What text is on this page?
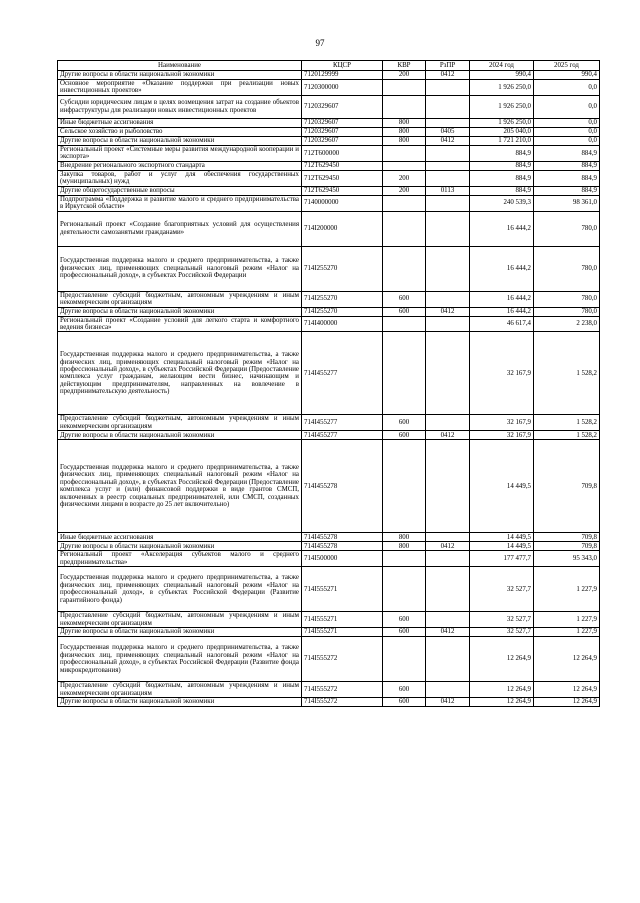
97
Наименование	КЦСР	КВР	РзПР	2024 год	2025 год
Другие вопросы в области национальной экономики	7120129999	200	0412	990,4	990,4
Основное мероприятие «Оказание поддержки при реализации новых инвестиционных проектов»	7120300000			1 926 250,0	0,0
Субсидии юридическим лицам в целях возмещения затрат на создание объектов инфраструктуры для реализации новых инвестиционных проектов	7120329607			1 926 250,0	0,0
Иные бюджетные ассигнования	7120329607	800		1 926 250,0	0,0
Сельское хозяйство и рыболовство	7120329607	800	0405	205 040,0	0,0
Другие вопросы в области национальной экономики	7120329607	800	0412	1 721 210,0	0,0
Региональный проект «Системные меры развития международной кооперации и экспорта»	712T600000			884,9	884,9
Внедрение регионального экспортного стандарта	712T629450			884,9	884,9
Закупка товаров, работ и услуг для обеспечения государственных (муниципальных) нужд	712T629450	200		884,9	884,9
Другие общегосударственные вопросы	712T629450	200	0113	884,9	884,9
Подпрограмма «Поддержка и развитие малого и среднего предпринимательства в Иркутской области»	7140000000			240 539,3	98 361,0
Региональный проект «Создание благоприятных условий для осуществления деятельности самозанятыми гражданами»	714I200000			16 444,2	780,0
Государственная поддержка малого и среднего предпринимательства, а также физических лиц, применяющих специальный налоговый режим «Налог на профессиональный доход», в субъектах Российской Федерации	714I255270			16 444,2	780,0
Предоставление субсидий бюджетным, автономным учреждениям и иным некоммерческим организациям	714I255270	600		16 444,2	780,0
Другие вопросы в области национальной экономики	714I255270	600	0412	16 444,2	780,0
Региональный проект «Создание условий для легкого старта и комфортного ведения бизнеса»	714I400000			46 617,4	2 238,0
Государственная поддержка малого и среднего предпринимательства, а также физических лиц, применяющих специальный налоговый режим «Налог на профессиональный доход», в субъектах Российской Федерации (Предоставление комплекса услуг гражданам, желающим вести бизнес, начинающим и действующим предпринимателям, направленных на вовлечение в предпринимательскую деятельность)	714I455277			32 167,9	1 528,2
Предоставление субсидий бюджетным, автономным учреждениям и иным некоммерческим организациям	714I455277	600		32 167,9	1 528,2
Другие вопросы в области национальной экономики	714I455277	600	0412	32 167,9	1 528,2
Государственная поддержка малого и среднего предпринимательства, а также физических лиц, применяющих специальный налоговый режим «Налог на профессиональный доход», в субъектах Российской Федерации (Предоставление комплекса услуг и (или) финансовой поддержки в виде грантов СМСП, включенных в реестр социальных предпринимателей, или СМСП, созданных физическими лицами в возрасте до 25 лет включительно)	714I455278			14 449,5	709,8
Иные бюджетные ассигнования	714I455278	800		14 449,5	709,8
Другие вопросы в области национальной экономики	714I455278	800	0412	14 449,5	709,8
Региональный проект «Акселерация субъектов малого и среднего предпринимательства»	714I500000			177 477,7	95 343,0
Государственная поддержка малого и среднего предпринимательства, а также физических лиц, применяющих специальный налоговый режим «Налог на профессиональный доход», в субъектах Российской Федерации (Развитие гарантийного фонда)	714I555271			32 527,7	1 227,9
Предоставление субсидий бюджетным, автономным учреждениям и иным некоммерческим организациям	714I555271	600		32 527,7	1 227,9
Другие вопросы в области национальной экономики	714I555271	600	0412	32 527,7	1 227,9
Государственная поддержка малого и среднего предпринимательства, а также физических лиц, применяющих специальный налоговый режим «Налог на профессиональный доход», в субъектах Российской Федерации (Развитие фонда микрокредитования)	714I555272			12 264,9	12 264,9
Предоставление субсидий бюджетным, автономным учреждениям и иным некоммерческим организациям	714I555272	600		12 264,9	12 264,9
Другие вопросы в области национальной экономики	714I555272	600	0412	12 264,9	12 264,9
